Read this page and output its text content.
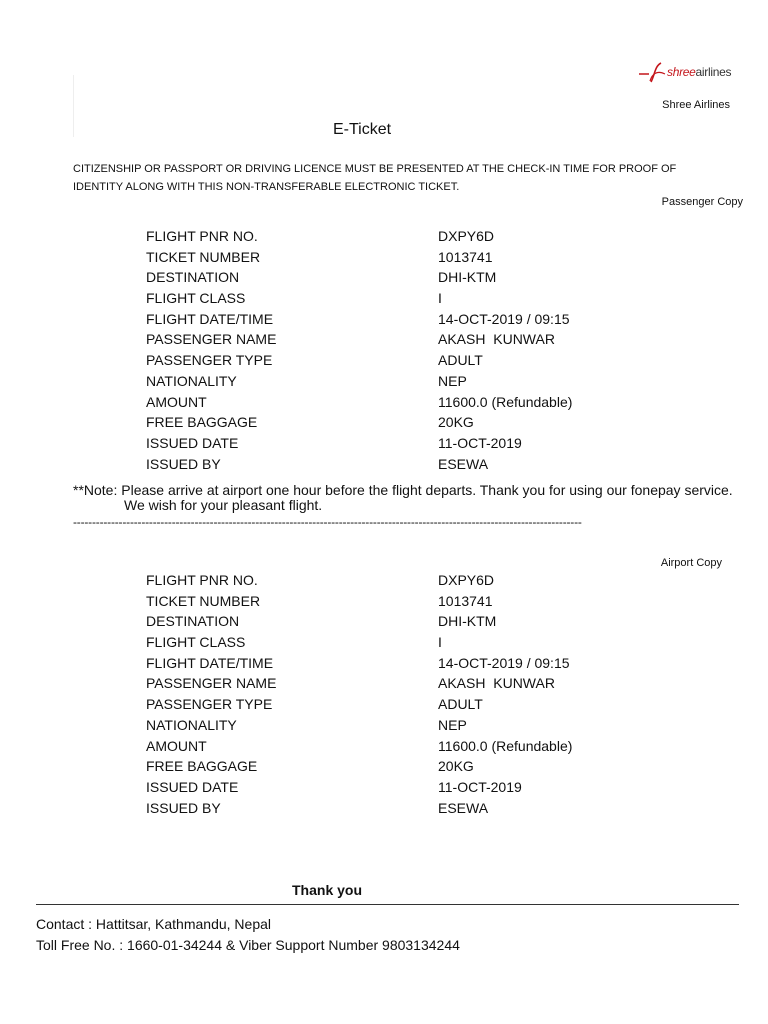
shreeairlines
Shree Airlines
E-Ticket
CITIZENSHIP OR PASSPORT OR DRIVING LICENCE MUST BE PRESENTED AT THE CHECK-IN TIME FOR PROOF OF IDENTITY ALONG WITH THIS NON-TRANSFERABLE ELECTRONIC TICKET.
Passenger Copy
FLIGHT PNR NO.	DXPY6D
TICKET NUMBER	1013741
DESTINATION	DHI-KTM
FLIGHT CLASS	I
FLIGHT DATE/TIME	14-OCT-2019 / 09:15
PASSENGER NAME	AKASH  KUNWAR
PASSENGER TYPE	ADULT
NATIONALITY	NEP
AMOUNT	11600.0 (Refundable)
FREE BAGGAGE	20KG
ISSUED DATE	11-OCT-2019
ISSUED BY	ESEWA
**Note: Please arrive at airport one hour before the flight departs. Thank you for using our fonepay service.
We wish for your pleasant flight.
--------------------------------------------------------------------------------------------------------------------------------------
Airport Copy
FLIGHT PNR NO.	DXPY6D
TICKET NUMBER	1013741
DESTINATION	DHI-KTM
FLIGHT CLASS	I
FLIGHT DATE/TIME	14-OCT-2019 / 09:15
PASSENGER NAME	AKASH  KUNWAR
PASSENGER TYPE	ADULT
NATIONALITY	NEP
AMOUNT	11600.0 (Refundable)
FREE BAGGAGE	20KG
ISSUED DATE	11-OCT-2019
ISSUED BY	ESEWA
Thank you
Contact : Hattitsar, Kathmandu, Nepal
Toll Free No. : 1660-01-34244 & Viber Support Number 9803134244
